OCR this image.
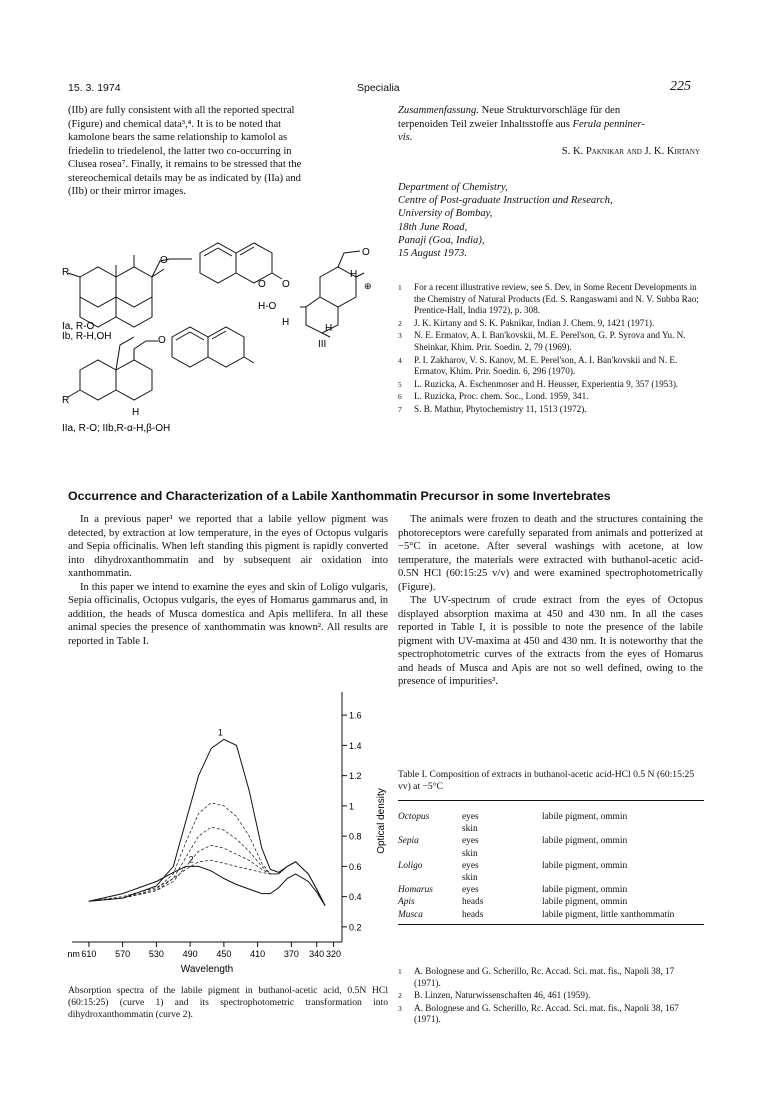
15. 3. 1974	Specialia	225
(IIb) are fully consistent with all the reported spectral
(Figure) and chemical data³,⁴. It is to be noted that
kamolone bears the same relationship to kamolol as
friedelin to triedelenol, the latter two co-occurring in
Clusea rosea⁷. Finally, it remains to be stressed that the
stereochemical details may be as indicated by (IIa) and
(IIb) or their mirror images.
Zusammenfassung. Neue Strukturvorschläge für den
terpenoiden Teil zweier Inhaltsstoffe aus Ferula penniner-
vis.
S. K. Paknikar and J. K. Kirtany
Department of Chemistry,
Centre of Post-graduate Instruction and Research,
University of Bombay,
18th June Road,
Panaji (Goa, India),
15 August 1973.
R
O
O O
Ia, R-O
Ib, R-H,OH	O
R
IIa, R-O; IIb,R-α-H,β-OH
O
H
⊕
H-O
H
H
H
III
1 For a recent illustrative review, see S. Dev, in Some Recent Developments in the Chemistry of Natural Products (Ed. S. Rangaswami and N. V. Subba Rao; Prentice-Hall, India 1972), p. 308.
2 J. K. Kirtany and S. K. Paknikar, Indian J. Chem. 9, 1421 (1971).
3 N. E. Ermatov, A. I. Ban'kovskii, M. E. Perel'son, G. P. Syrova and Yu. N. Sheinkar, Khim. Prir. Soedin. 2, 79 (1969).
4 P. I. Zakharov, V. S. Kanov, M. E. Perel'son, A. I. Ban'kovskii and N. E. Ermatov, Khim. Prir. Soedin. 6, 296 (1970).
5 L. Ruzicka, A. Eschenmoser and H. Heusser, Experientia 9, 357 (1953).
6 L. Ruzicka, Proc. chem. Soc., Lond. 1959, 341.
7 S. B. Mathur, Phytochemistry 11, 1513 (1972).
Occurrence and Characterization of a Labile Xanthommatin Precursor in some Invertebrates

In a previous paper¹ we reported that a labile yellow pigment was detected, by extraction at low temperature, in the eyes of Octopus vulgaris and Sepia officinalis. When left standing this pigment is rapidly converted into dihydroxanthommatin and by subsequent air oxidation into xanthommatin.

In this paper we intend to examine the eyes and skin of Loligo vulgaris, Sepia officinalis, Octopus vulgaris, the eyes of Homarus gammarus and, in addition, the heads of Musca domestica and Apis mellifera. In all these animal species the presence of xanthommatin was known². All results are reported in Table I.

The animals were frozen to death and the structures containing the photoreceptors were carefully separated from animals and potterized at −5°C in acetone. After several washings with acetone, at low temperature, the materials were extracted with buthanol-acetic acid-0.5N HCl (60:15:25 v/v) and were examined spectrophotometrically (Figure).

The UV-spectrum of crude extract from the eyes of Octopus displayed absorption maxima at 450 and 430 nm. In all the cases reported in Table I, it is possible to note the presence of the labile pigment with UV-maxima at 450 and 430 nm. It is noteworthy that the spectrophotometric curves of the extracts from the eyes of Homarus and heads of Musca and Apis are not so well defined, owing to the presence of impurities³.

610 570 530 490 450 410 370 340 320
nm
1.6
1.4
1.2
1
0.8
0.6
0.4
0.2
Wavelength
Optical density
1
2
Absorption spectra of the labile pigment in buthanol-acetic acid, 0.5N HCl (60:15:25) (curve 1) and its spectrophotometric transformation into dihydroxanthommatin (curve 2).
Table I. Composition of extracts in buthanol-acetic acid-HCl 0.5 N (60:15:25 vv) at −5°C
Octopus	eyes	labile pigment, ommin
	skin	
Sepia	eyes	labile pigment, ommin
	skin	
Loligo	eyes	labile pigment, ommin
	skin	
Homarus	eyes	labile pigment, ommin
Apis	heads	labile pigment, ommin
Musca	heads	labile pigment, little xanthommatin
1 A. Bolognese and G. Scherillo, Rc. Accad. Sci. mat. fis., Napoli 38, 17 (1971).
2 B. Linzen, Naturwissenschaften 46, 461 (1959).
3 A. Bolognese and G. Scherillo, Rc. Accad. Sci. mat. fis., Napoli 38, 167 (1971).
